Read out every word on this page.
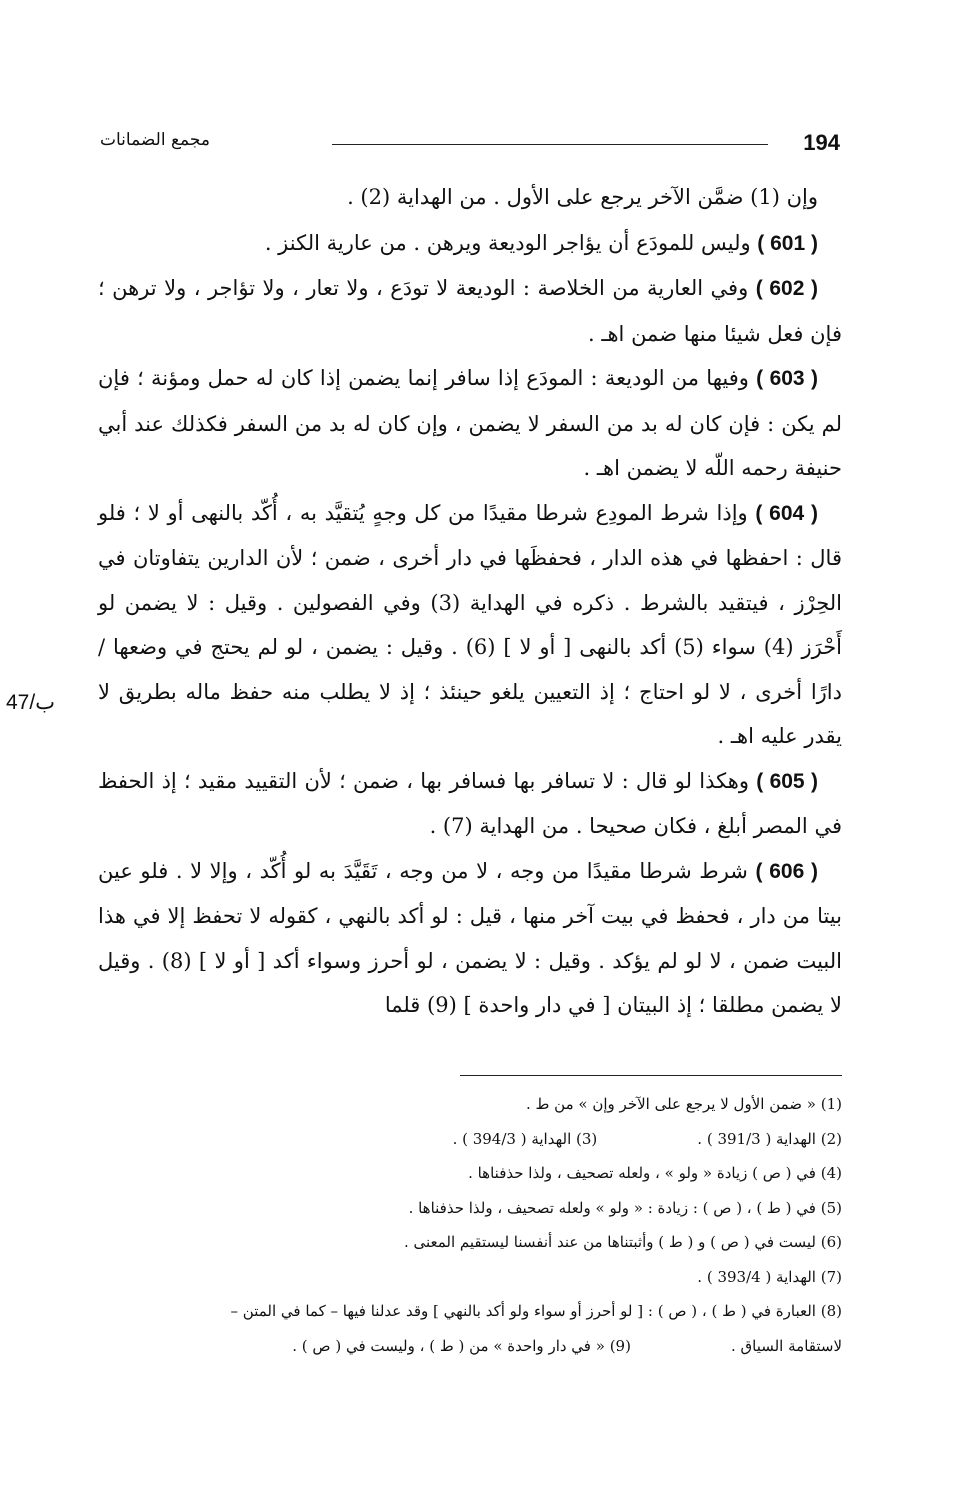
مجمع الضمانات	194
47/ب

وإن (1) ضمَّن الآخر يرجع على الأول . من الهداية (2) .

( 601 ) وليس للمودَع أن يؤاجر الوديعة ويرهن . من عارية الكنز .

( 602 ) وفي العارية من الخلاصة : الوديعة لا تودَع ، ولا تعار ، ولا تؤاجر ، ولا ترهن ؛ فإن فعل شيئا منها ضمن اهـ .

( 603 ) وفيها من الوديعة : المودَع إذا سافر إنما يضمن إذا كان له حمل ومؤنة ؛ فإن لم يكن : فإن كان له بد من السفر لا يضمن ، وإن كان له بد من السفر فكذلك عند أبي حنيفة رحمه اللّه لا يضمن اهـ .

( 604 ) وإذا شرط المودِع شرطا مقيدًا من كل وجهٍ يُتقيَّد به ، أُكّد بالنهى أو لا ؛ فلو قال : احفظها في هذه الدار ، فحفظَها في دار أخرى ، ضمن ؛ لأن الدارين يتفاوتان في الحِرْز ، فيتقيد بالشرط . ذكره في الهداية (3) وفي الفصولين . وقيل : لا يضمن لو أَحْرَز (4) سواء (5) أكد بالنهى [ أو لا ] (6) . وقيل : يضمن ، لو لم يحتج في وضعها / دارًا أخرى ، لا لو احتاج ؛ إذ التعيين يلغو حينئذ ؛ إذ لا يطلب منه حفظ ماله بطريق لا يقدر عليه اهـ .

( 605 ) وهكذا لو قال : لا تسافر بها فسافر بها ، ضمن ؛ لأن التقييد مقيد ؛ إذ الحفظ في المصر أبلغ ، فكان صحيحا . من الهداية (7) .

( 606 ) شرط شرطا مقيدًا من وجه ، لا من وجه ، تَقَيَّدَ به لو أُكّد ، وإلا لا . فلو عين بيتا من دار ، فحفظ في بيت آخر منها ، قيل : لو أكد بالنهي ، كقوله لا تحفظ إلا في هذا البيت ضمن ، لا لو لم يؤكد . وقيل : لا يضمن ، لو أحرز وسواء أكد [ أو لا ] (8) . وقيل لا يضمن مطلقا ؛ إذ البيتان [ في دار واحدة ] (9) قلما

(1) « ضمن الأول لا يرجع على الآخر وإن » من ط .
(2) الهداية ( 391/3 ) .
(3) الهداية ( 394/3 ) .
(4) في ( ص ) زيادة « ولو » ، ولعله تصحيف ، ولذا حذفناها .
(5) في ( ط ) ، ( ص ) : زيادة : « ولو » ولعله تصحيف ، ولذا حذفناها .
(6) ليست في ( ص ) و ( ط ) وأثبتناها من عند أنفسنا ليستقيم المعنى .
(7) الهداية ( 393/4 ) .
(8) العبارة في ( ط ) ، ( ص ) : [ لو أحرز أو سواء ولو أكد بالنهي ] وقد عدلنا فيها – كما في المتن –
لاستقامة السياق .
(9) « في دار واحدة » من ( ط ) ، وليست في ( ص ) .
